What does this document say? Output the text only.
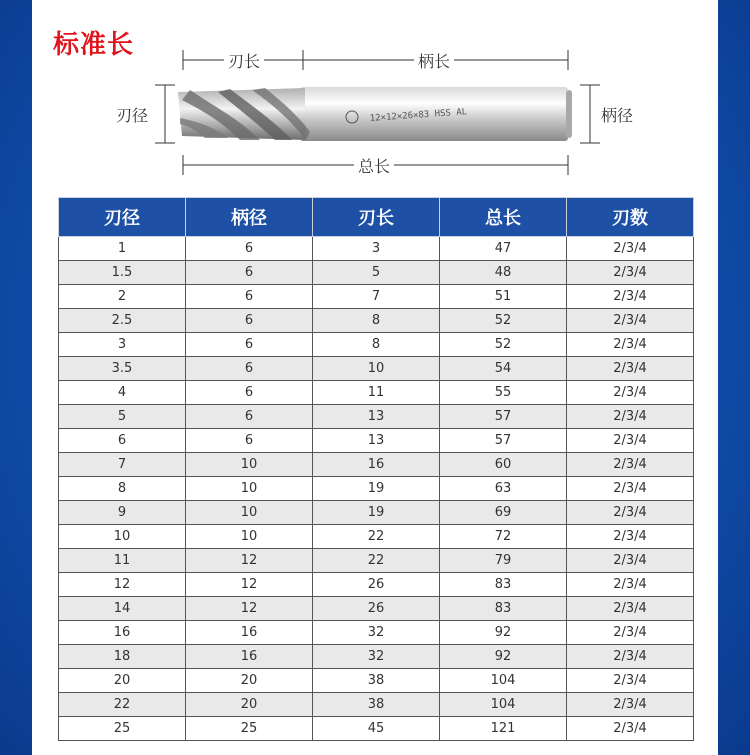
标准长
12×12×26×83 HSS AL
刃长	柄长
刃径	柄径
总长
刃径	柄径	刃长	总长	刃数
1	6	3	47	2/3/4
1.5	6	5	48	2/3/4
2	6	7	51	2/3/4
2.5	6	8	52	2/3/4
3	6	8	52	2/3/4
3.5	6	10	54	2/3/4
4	6	11	55	2/3/4
5	6	13	57	2/3/4
6	6	13	57	2/3/4
7	10	16	60	2/3/4
8	10	19	63	2/3/4
9	10	19	69	2/3/4
10	10	22	72	2/3/4
11	12	22	79	2/3/4
12	12	26	83	2/3/4
14	12	26	83	2/3/4
16	16	32	92	2/3/4
18	16	32	92	2/3/4
20	20	38	104	2/3/4
22	20	38	104	2/3/4
25	25	45	121	2/3/4
